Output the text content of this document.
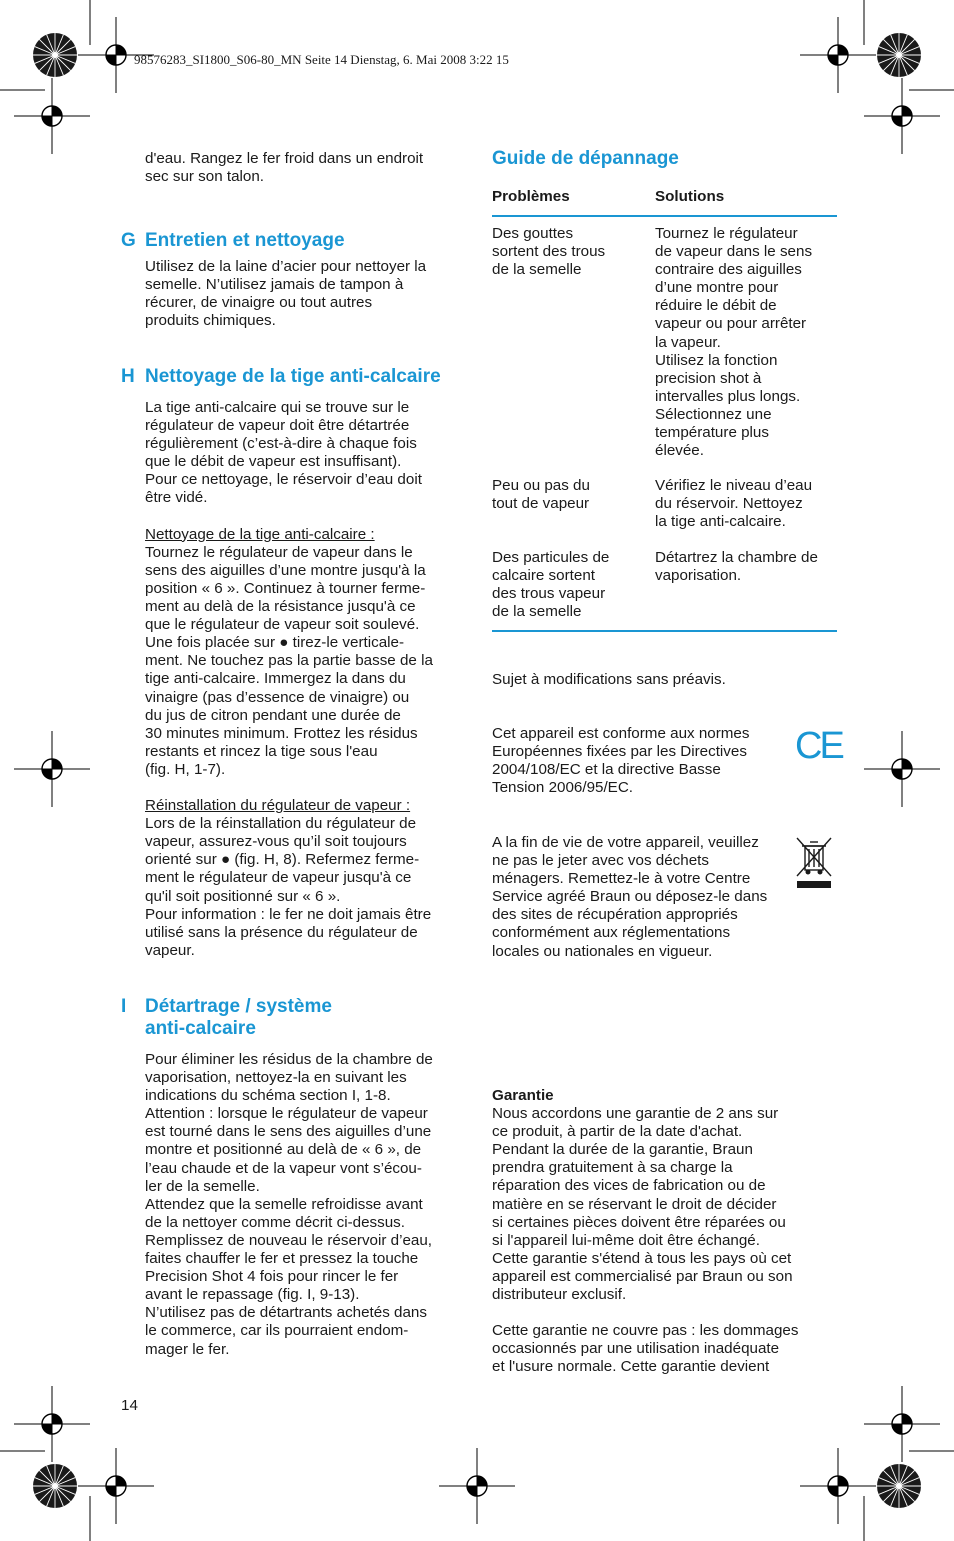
98576283_SI1800_S06-80_MN Seite 14 Dienstag, 6. Mai 2008 3:22 15

d'eau. Rangez le fer froid dans un endroit

sec sur son talon.

G Entretien et nettoyage

Utilisez de la laine d’acier pour nettoyer la

semelle. N’utilisez jamais de tampon à

récurer, de vinaigre ou tout autres

produits chimiques.

H Nettoyage de la tige anti-calcaire

La tige anti-calcaire qui se trouve sur le

régulateur de vapeur doit être détartrée

régulièrement (c’est-à-dire à chaque fois

que le débit de vapeur est insuffisant).

Pour ce nettoyage, le réservoir d’eau doit

être vidé.

Nettoyage de la tige anti-calcaire :

Tournez le régulateur de vapeur dans le

sens des aiguilles d’une montre jusqu'à la

position « 6 ». Continuez à tourner ferme-

ment au delà de la résistance jusqu'à ce

que le régulateur de vapeur soit soulevé.

Une fois placée sur ● tirez-le verticale-

ment. Ne touchez pas la partie basse de la

tige anti-calcaire. Immergez la dans du

vinaigre (pas d’essence de vinaigre) ou

du jus de citron pendant une durée de

30 minutes minimum. Frottez les résidus

restants et rincez la tige sous l'eau

(fig. H, 1-7).

Réinstallation du régulateur de vapeur :

Lors de la réinstallation du régulateur de

vapeur, assurez-vous qu’il soit toujours

orienté sur ● (fig. H, 8). Refermez ferme-

ment le régulateur de vapeur jusqu'à ce

qu'il soit positionné sur « 6 ».

Pour information : le fer ne doit jamais être

utilisé sans la présence du régulateur de

vapeur.

I Détartrage / système
anti-calcaire

Pour éliminer les résidus de la chambre de

vaporisation, nettoyez-la en suivant les

indications du schéma section I, 1-8.

Attention : lorsque le régulateur de vapeur

est tourné dans le sens des aiguilles d’une

montre et positionné au delà de « 6 », de

l’eau chaude et de la vapeur vont s’écou-

ler de la semelle.

Attendez que la semelle refroidisse avant

de la nettoyer comme décrit ci-dessus.

Remplissez de nouveau le réservoir d’eau,

faites chauffer le fer et pressez la touche

Precision Shot 4 fois pour rincer le fer

avant le repassage (fig. I, 9-13).

N’utilisez pas de détartrants achetés dans

le commerce, car ils pourraient endom-

mager le fer.

14
Guide de dépannage
Problèmes	Solutions
Des gouttes
sortent des trous
de la semelle
Tournez le régulateur
de vapeur dans le sens
contraire des aiguilles
d’une montre pour
réduire le débit de
vapeur ou pour arrêter
la vapeur.
Utilisez la fonction
precision shot à
intervalles plus longs.
Sélectionnez une
température plus
élevée.
Peu ou pas du
tout de vapeur
Vérifiez le niveau d’eau
du réservoir. Nettoyez
la tige anti-calcaire.
Des particules de
calcaire sortent
des trous vapeur
de la semelle
Détartrez la chambre de
vaporisation.
Sujet à modifications sans préavis.

Cet appareil est conforme aux normes

Européennes fixées par les Directives

2004/108/EC et la directive Basse

Tension 2006/95/EC.

CE

A la fin de vie de votre appareil, veuillez

ne pas le jeter avec vos déchets

ménagers. Remettez-le à votre Centre

Service agréé Braun ou déposez-le dans

des sites de récupération appropriés

conformément aux réglementations

locales ou nationales en vigueur.

Garantie

Nous accordons une garantie de 2 ans sur

ce produit, à partir de la date d'achat.

Pendant la durée de la garantie, Braun

prendra gratuitement à sa charge la

réparation des vices de fabrication ou de

matière en se réservant le droit de décider

si certaines pièces doivent être réparées ou

si l'appareil lui-même doit être échangé.

Cette garantie s'étend à tous les pays où cet

appareil est commercialisé par Braun ou son

distributeur exclusif.

Cette garantie ne couvre pas : les dommages

occasionnés par une utilisation inadéquate

et l'usure normale. Cette garantie devient
